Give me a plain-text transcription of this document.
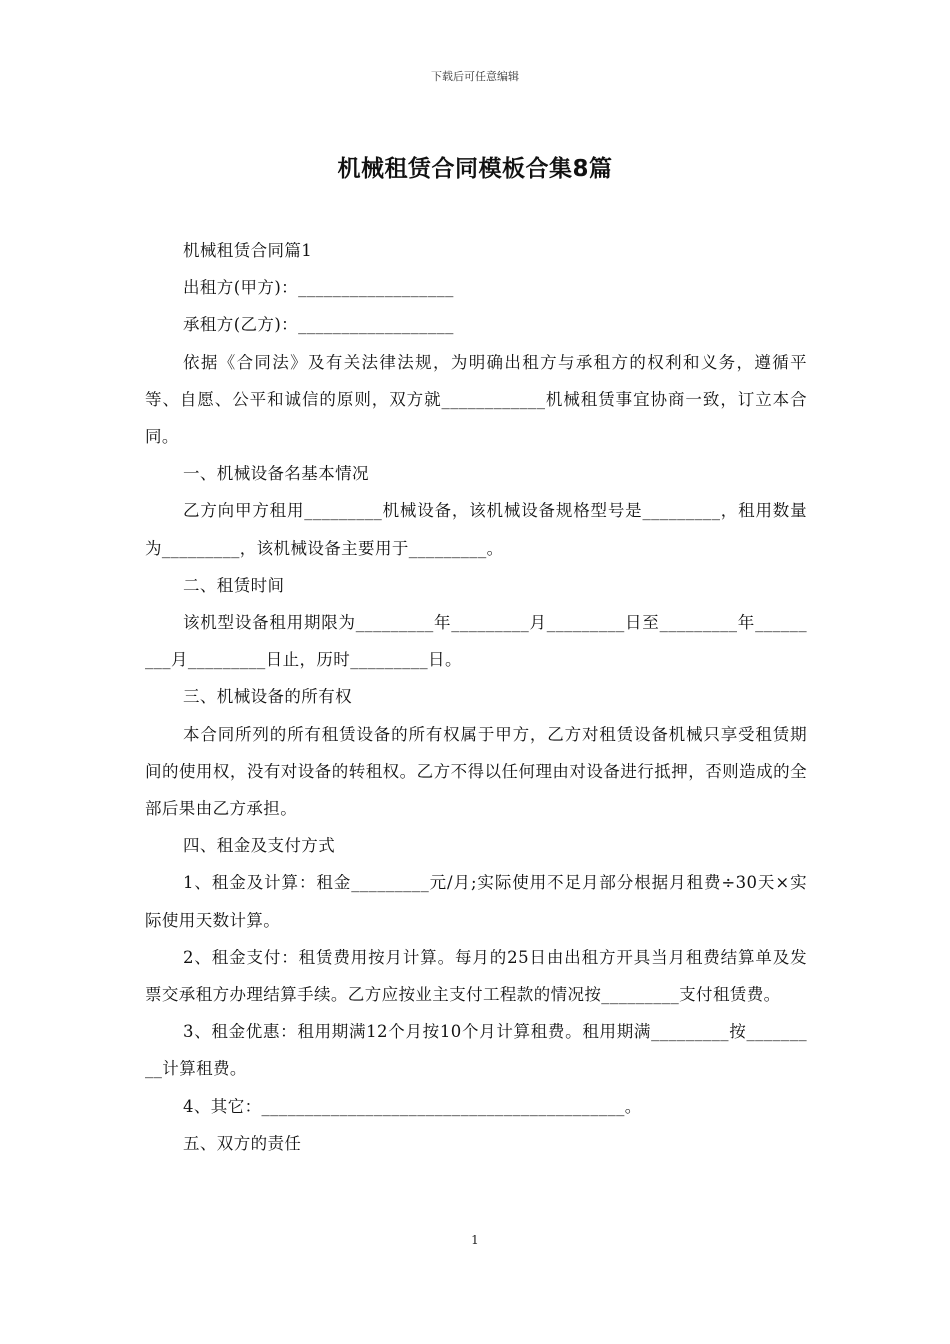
下载后可任意编辑
机械租赁合同模板合集8篇

机械租赁合同篇1

出租方(甲方)：__________________

承租方(乙方)：__________________

依据《合同法》及有关法律法规，为明确出租方与承租方的权利和义务，遵循平等、自愿、公平和诚信的原则，双方就____________机械租赁事宜协商一致，订立本合同。

一、机械设备名基本情况

乙方向甲方租用_________机械设备，该机械设备规格型号是_________，租用数量为_________，该机械设备主要用于_________。

二、租赁时间

该机型设备租用期限为_________年_________月_________日至_________年_________月_________日止，历时_________日。

三、机械设备的所有权

本合同所列的所有租赁设备的所有权属于甲方，乙方对租赁设备机械只享受租赁期间的使用权，没有对设备的转租权。乙方不得以任何理由对设备进行抵押，否则造成的全部后果由乙方承担。

四、租金及支付方式

1、租金及计算：租金_________元/月;实际使用不足月部分根据月租费÷30天×实际使用天数计算。

2、租金支付：租赁费用按月计算。每月的25日由出租方开具当月租费结算单及发票交承租方办理结算手续。乙方应按业主支付工程款的情况按_________支付租赁费。

3、租金优惠：租用期满12个月按10个月计算租费。租用期满_________按_________计算租费。

4、其它：__________________________________________。

五、双方的责任

1
